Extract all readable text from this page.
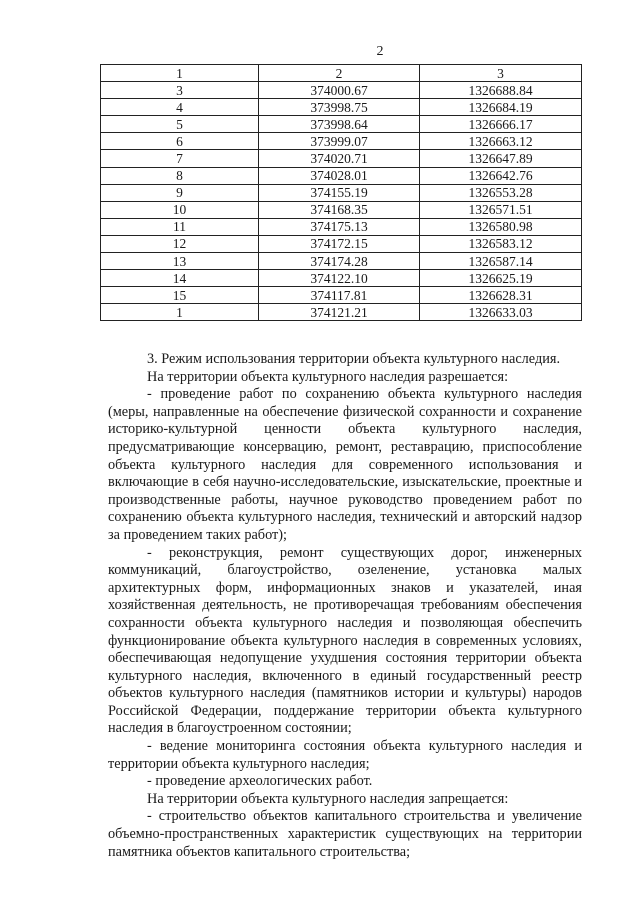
2
1	2	3
3	374000.67	1326688.84
4	373998.75	1326684.19
5	373998.64	1326666.17
6	373999.07	1326663.12
7	374020.71	1326647.89
8	374028.01	1326642.76
9	374155.19	1326553.28
10	374168.35	1326571.51
11	374175.13	1326580.98
12	374172.15	1326583.12
13	374174.28	1326587.14
14	374122.10	1326625.19
15	374117.81	1326628.31
1	374121.21	1326633.03

3. Режим использования территории объекта культурного наследия.

На территории объекта культурного наследия разрешается:

- проведение работ по сохранению объекта культурного наследия (меры, направленные на обеспечение физической сохранности и сохранение историко-культурной ценности объекта культурного наследия, предусматривающие консервацию, ремонт, реставрацию, приспособление объекта культурного наследия для современного использования и включающие в себя научно-исследовательские, изыскательские, проектные и производственные работы, научное руководство проведением работ по сохранению объекта культурного наследия, технический и авторский надзор за проведением таких работ);

- реконструкция, ремонт существующих дорог, инженерных коммуникаций, благоустройство, озеленение, установка малых архитектурных форм, информационных знаков и указателей, иная хозяйственная деятельность, не противоречащая требованиям обеспечения сохранности объекта культурного наследия и позволяющая обеспечить функционирование объекта культурного наследия в современных условиях, обеспечивающая недопущение ухудшения состояния территории объекта культурного наследия, включенного в единый государственный реестр объектов культурного наследия (памятников истории и культуры) народов Российской Федерации, поддержание территории объекта культурного наследия в благоустроенном состоянии;

- ведение мониторинга состояния объекта культурного наследия и территории объекта культурного наследия;

- проведение археологических работ.

На территории объекта культурного наследия запрещается:

- строительство объектов капитального строительства и увеличение объемно-пространственных характеристик существующих на территории памятника объектов капитального строительства;
